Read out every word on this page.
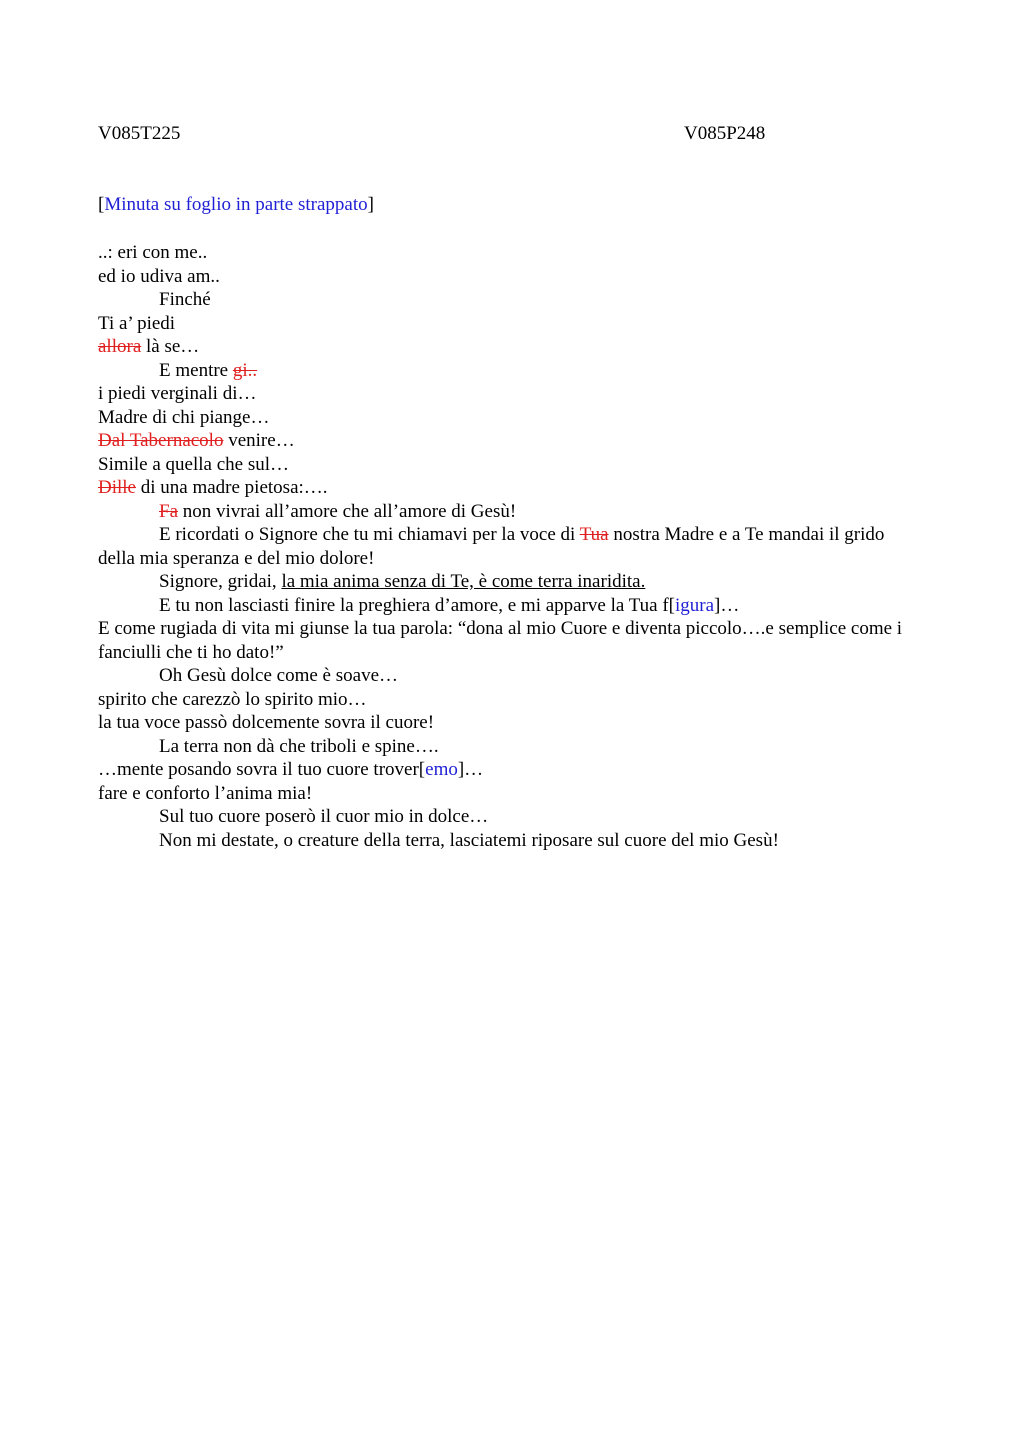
V085T225	V085P248
[Minuta su foglio in parte strappato]

..: eri con me..

ed io udiva am..

Finché

Ti a’ piedi

allora là se…

E mentre gi..

i piedi verginali di…

Madre di chi piange…

Dal Tabernacolo venire…

Simile a quella che sul…

Dille di una madre pietosa:….

Fa non vivrai all’amore che all’amore di Gesù!

E ricordati o Signore che tu mi chiamavi per la voce di Tua nostra Madre e a Te mandai il grido della mia speranza e del mio dolore!

Signore, gridai, la mia anima senza di Te, è come terra inaridita.

E tu non lasciasti finire la preghiera d’amore, e mi apparve la Tua f[igura]…

E come rugiada di vita mi giunse la tua parola: “dona al mio Cuore e diventa piccolo….e semplice come i fanciulli che ti ho dato!”

Oh Gesù dolce come è soave…

spirito che carezzò lo spirito mio…

la tua voce passò dolcemente sovra il cuore!

La terra non dà che triboli e spine….

…mente posando sovra il tuo cuore trover[emo]…

fare e conforto l’anima mia!

Sul tuo cuore poserò il cuor mio in dolce…

Non mi destate, o creature della terra, lasciatemi riposare sul cuore del mio Gesù!
